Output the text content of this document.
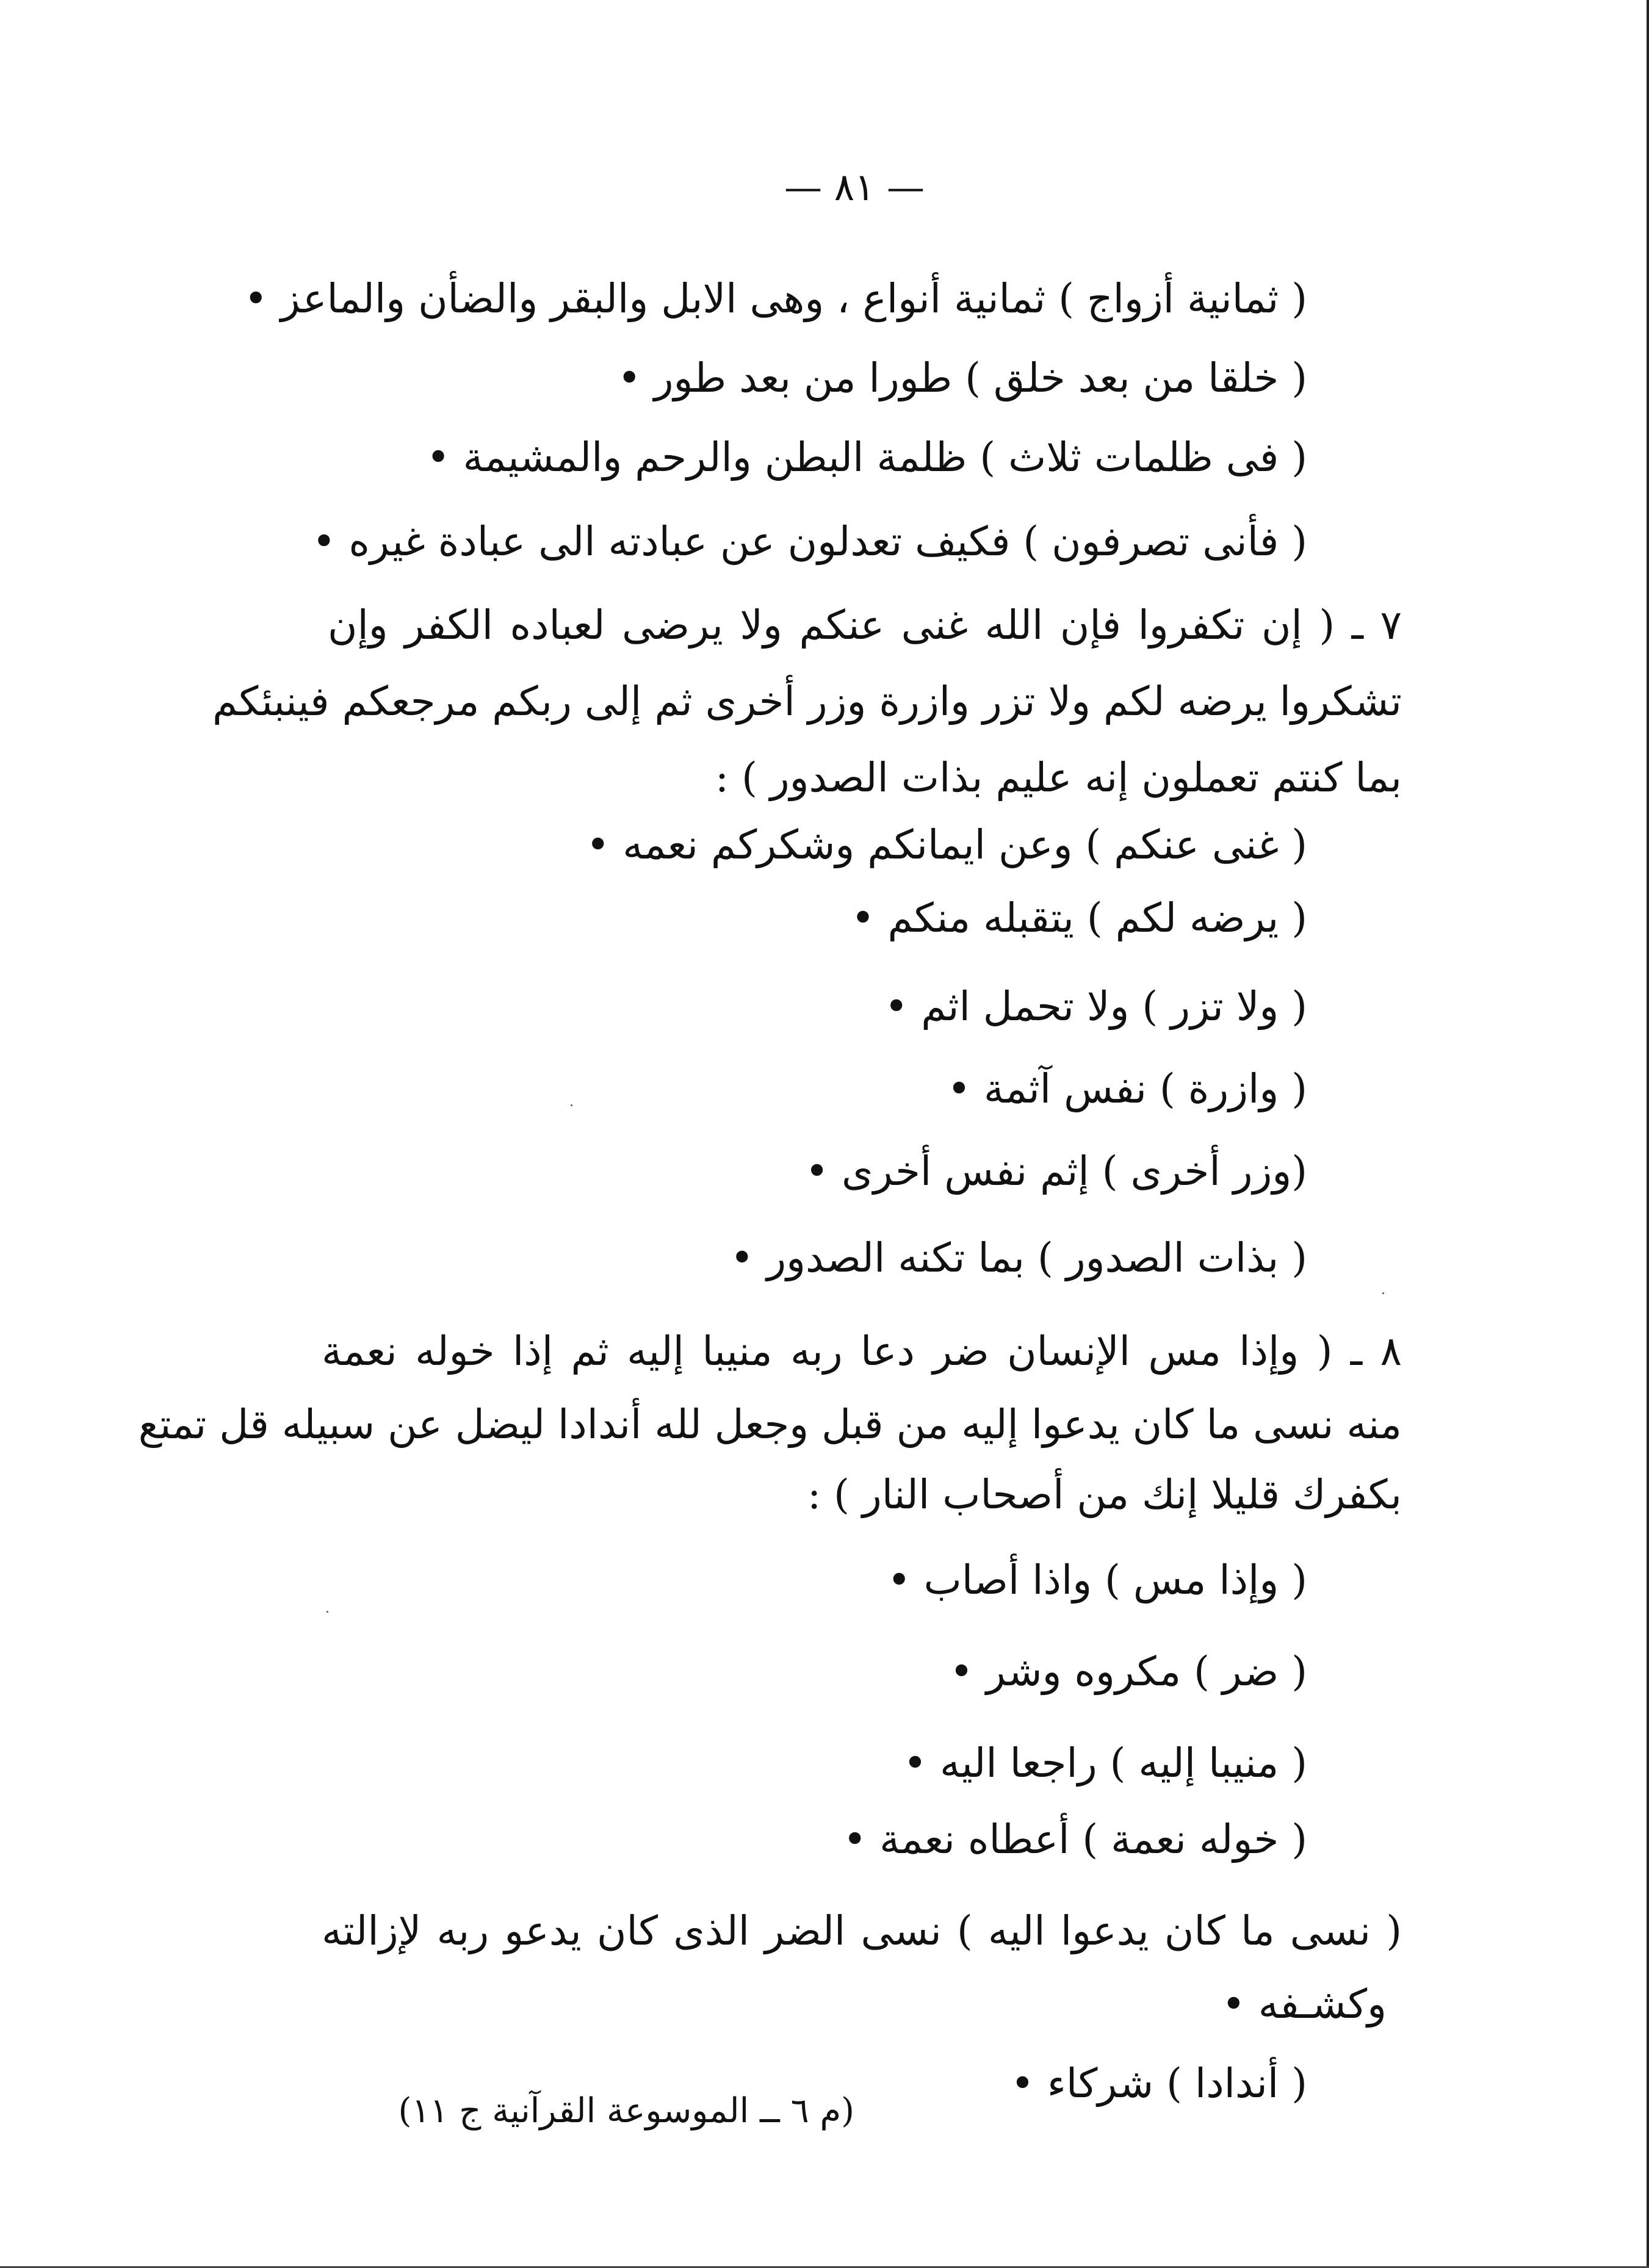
— ٨١ —
( ثمانية أزواج ) ثمانية أنواع ، وهى الابل والبقر والضأن والماعز •
( خلقا من بعد خلق ) طورا من بعد طور •
( فى ظلمات ثلاث ) ظلمة البطن والرحم والمشيمة •
( فأنى تصرفون ) فكيف تعدلون عن عبادته الى عبادة غيره •
٧ ـ ( إن تكفروا فإن الله غنى عنكم ولا يرضى لعباده الكفر وإن
تشكروا يرضه لكم ولا تزر وازرة وزر أخرى ثم إلى ربكم مرجعكم فينبئكم
بما كنتم تعملون إنه عليم بذات الصدور ) :
( غنى عنكم ) وعن ايمانكم وشكركم نعمه •
( يرضه لكم ) يتقبله منكم •
( ولا تزر ) ولا تحمل اثم •
( وازرة ) نفس آثمة •
(وزر أخرى ) إثم نفس أخرى •
( بذات الصدور ) بما تكنه الصدور •
٨ ـ ( وإذا مس الإنسان ضر دعا ربه منيبا إليه ثم إذا خوله نعمة
منه نسى ما كان يدعوا إليه من قبل وجعل لله أندادا ليضل عن سبيله قل تمتع
بكفرك قليلا إنك من أصحاب النار ) :
( وإذا مس ) واذا أصاب •
( ضر ) مكروه وشر •
( منيبا إليه ) راجعا اليه •
( خوله نعمة ) أعطاه نعمة •
( نسى ما كان يدعوا اليه ) نسى الضر الذى كان يدعو ربه لإزالته
وكشـفه •
( أندادا ) شركاء •
(م ٦ ــ الموسوعة القرآنية ج ١١)
